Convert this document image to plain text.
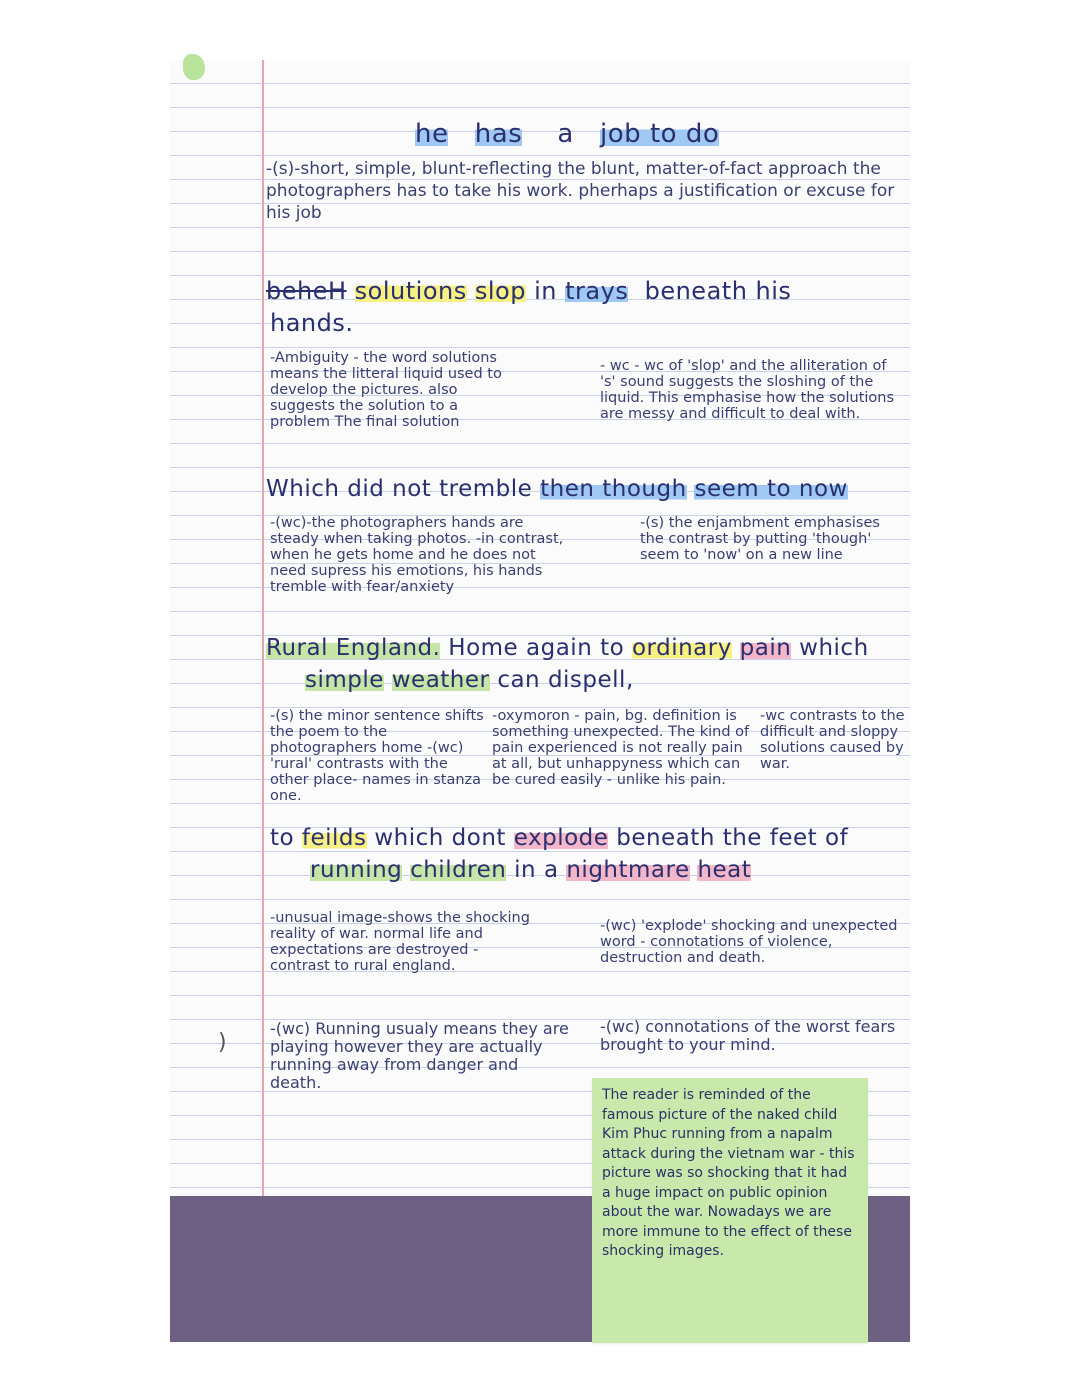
he has a job to do
-(s)-short, simple, blunt-reflecting the blunt, matter-of-fact approach the photographers has to take his work. pherhaps a justification or excuse for his job
beheH solutions slop in trays beneath his
hands.
-Ambiguity - the word solutions means the litteral liquid used to develop the pictures. also suggests the solution to a problem The final solution
- wc - wc of 'slop' and the alliteration of 's' sound suggests the sloshing of the liquid. This emphasise how the solutions are messy and difficult to deal with.
Which did not tremble then though seem to now
-(wc)-the photographers hands are steady when taking photos. -in contrast, when he gets home and he does not need supress his emotions, his hands tremble with fear/anxiety
-(s) the enjambment emphasises the contrast by putting 'though' seem to 'now' on a new line
Rural England. Home again to ordinary pain which
simple weather can dispell,
-(s) the minor sentence shifts the poem to the photographers home -(wc) 'rural' contrasts with the other place- names in stanza one.
-oxymoron - pain, bg. definition is something unexpected. The kind of pain experienced is not really pain at all, but unhappyness which can be cured easily - unlike his pain.
-wc contrasts to the difficult and sloppy solutions caused by war.
to feilds which dont explode beneath the feet of
running children in a nightmare heat
-unusual image-shows the shocking reality of war. normal life and expectations are destroyed - contrast to rural england.
-(wc) 'explode' shocking and unexpected word - connotations of violence, destruction and death.
-(wc) Running usualy means they are playing however they are actually running away from danger and death.
-(wc) connotations of the worst fears brought to your mind.
)

The reader is reminded of the famous picture of the naked child Kim Phuc running from a napalm attack during the vietnam war - this picture was so shocking that it had a huge impact on public opinion about the war. Nowadays we are more immune to the effect of these shocking images.
